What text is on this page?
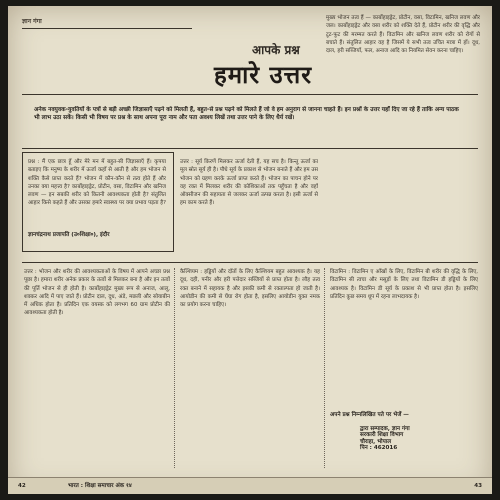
ज्ञान गंगा
आपके प्रश्न
हमारे उत्तर
अनेक नवयुवक-युवतियों के पत्रों से बड़ी अच्छी जिज्ञासाएँ पढ़ने को मिलती हैं, बहुत-से प्रश्न पढ़ने को मिलते हैं जो वे हम अनुराग से जानना चाहते हैं। इन प्रश्नों के उत्तर यहाँ दिए जा रहे हैं ताकि अन्य पाठक भी लाभ उठा सकें। किसी भी विषय पर प्रश्न के साथ अपना पूरा नाम और पता अवश्य लिखें तथा उत्तर पाने के लिए धैर्य रखें।
प्रश्न : मैं एक छात्र हूँ और मेरे मन में बहुत-सी जिज्ञासाएँ हैं। कृपया बताइए कि मनुष्य के शरीर में ऊर्जा कहाँ से आती है और हम भोजन से शक्ति कैसे प्राप्त करते हैं? भोजन में कौन-कौन से तत्व होते हैं और उनका क्या महत्त्व है? कार्बोहाइड्रेट, प्रोटीन, वसा, विटामिन और खनिज लवण — इन सबकी शरीर को कितनी आवश्यकता होती है? संतुलित आहार किसे कहते हैं और उसका हमारे स्वास्थ्य पर क्या प्रभाव पड़ता है?
ज्ञानचंद्रनाथ प्रजापति (उ०शिक्षा०), इंदौर
उत्तर : सूर्य किरणें मिलकर ऊर्जा देती हैं, यह सच है। किन्तु ऊर्जा का मूल स्रोत सूर्य ही है। पौधे सूर्य के प्रकाश से भोजन बनाते हैं और हम उस भोजन को ग्रहण करके ऊर्जा प्राप्त करते हैं। भोजन का पाचन होने पर वह रक्त में मिलकर शरीर की कोशिकाओं तक पहुँचता है और वहाँ ऑक्सीजन की सहायता से जलकर ऊर्जा उत्पन्न करता है। इसी ऊर्जा से हम काम करते हैं।
मुख्य भोजन तत्व हैं — कार्बोहाइड्रेट, प्रोटीन, वसा, विटामिन, खनिज लवण और जल। कार्बोहाइड्रेट और वसा शरीर को शक्ति देते हैं, प्रोटीन शरीर की वृद्धि और टूट-फूट की मरम्मत करते हैं। विटामिन और खनिज लवण शरीर को रोगों से बचाते हैं। संतुलित आहार वह है जिसमें ये सभी तत्व उचित मात्रा में हों। दूध, दाल, हरी सब्जियाँ, फल, अनाज आदि का नियमित सेवन करना चाहिए।
उत्तर : भोजन और शरीर की आवश्यकताओं के विषय में आपने अच्छा प्रश्न पूछा है। हमारा शरीर अनेक प्रकार के तत्वों से मिलकर बना है और इन तत्वों की पूर्ति भोजन से ही होती है। कार्बोहाइड्रेट मुख्य रूप से अनाज, आलू, शक्कर आदि में पाए जाते हैं। प्रोटीन दाल, दूध, अंडे, मछली और सोयाबीन में अधिक होता है। प्रतिदिन एक वयस्क को लगभग 60 ग्राम प्रोटीन की आवश्यकता होती है।
कैल्शियम : हड्डियों और दाँतों के लिए कैल्शियम बहुत आवश्यक है। यह दूध, दही, पनीर और हरी पत्तेदार सब्जियों से प्राप्त होता है। लौह तत्व रक्त बनाने में सहायक है और इसकी कमी से रक्ताल्पता हो जाती है। आयोडीन की कमी से घेंघा रोग होता है, इसलिए आयोडीन युक्त नमक का प्रयोग करना चाहिए।
विटामिन : विटामिन ए आँखों के लिए, विटामिन बी शरीर की वृद्धि के लिए, विटामिन सी त्वचा और मसूड़ों के लिए तथा विटामिन डी हड्डियों के लिए आवश्यक है। विटामिन डी सूर्य के प्रकाश से भी प्राप्त होता है। इसलिए प्रतिदिन कुछ समय धूप में रहना लाभदायक है।
अपने प्रश्न निम्नलिखित पते पर भेजें —
द्वारा सम्पादक, ज्ञान गंगा
सरकारी शिक्षा विभाग
चौराहा, भोपाल
पिन : 462016
42	भारत : शिक्षा समाचार अंक १४	43
